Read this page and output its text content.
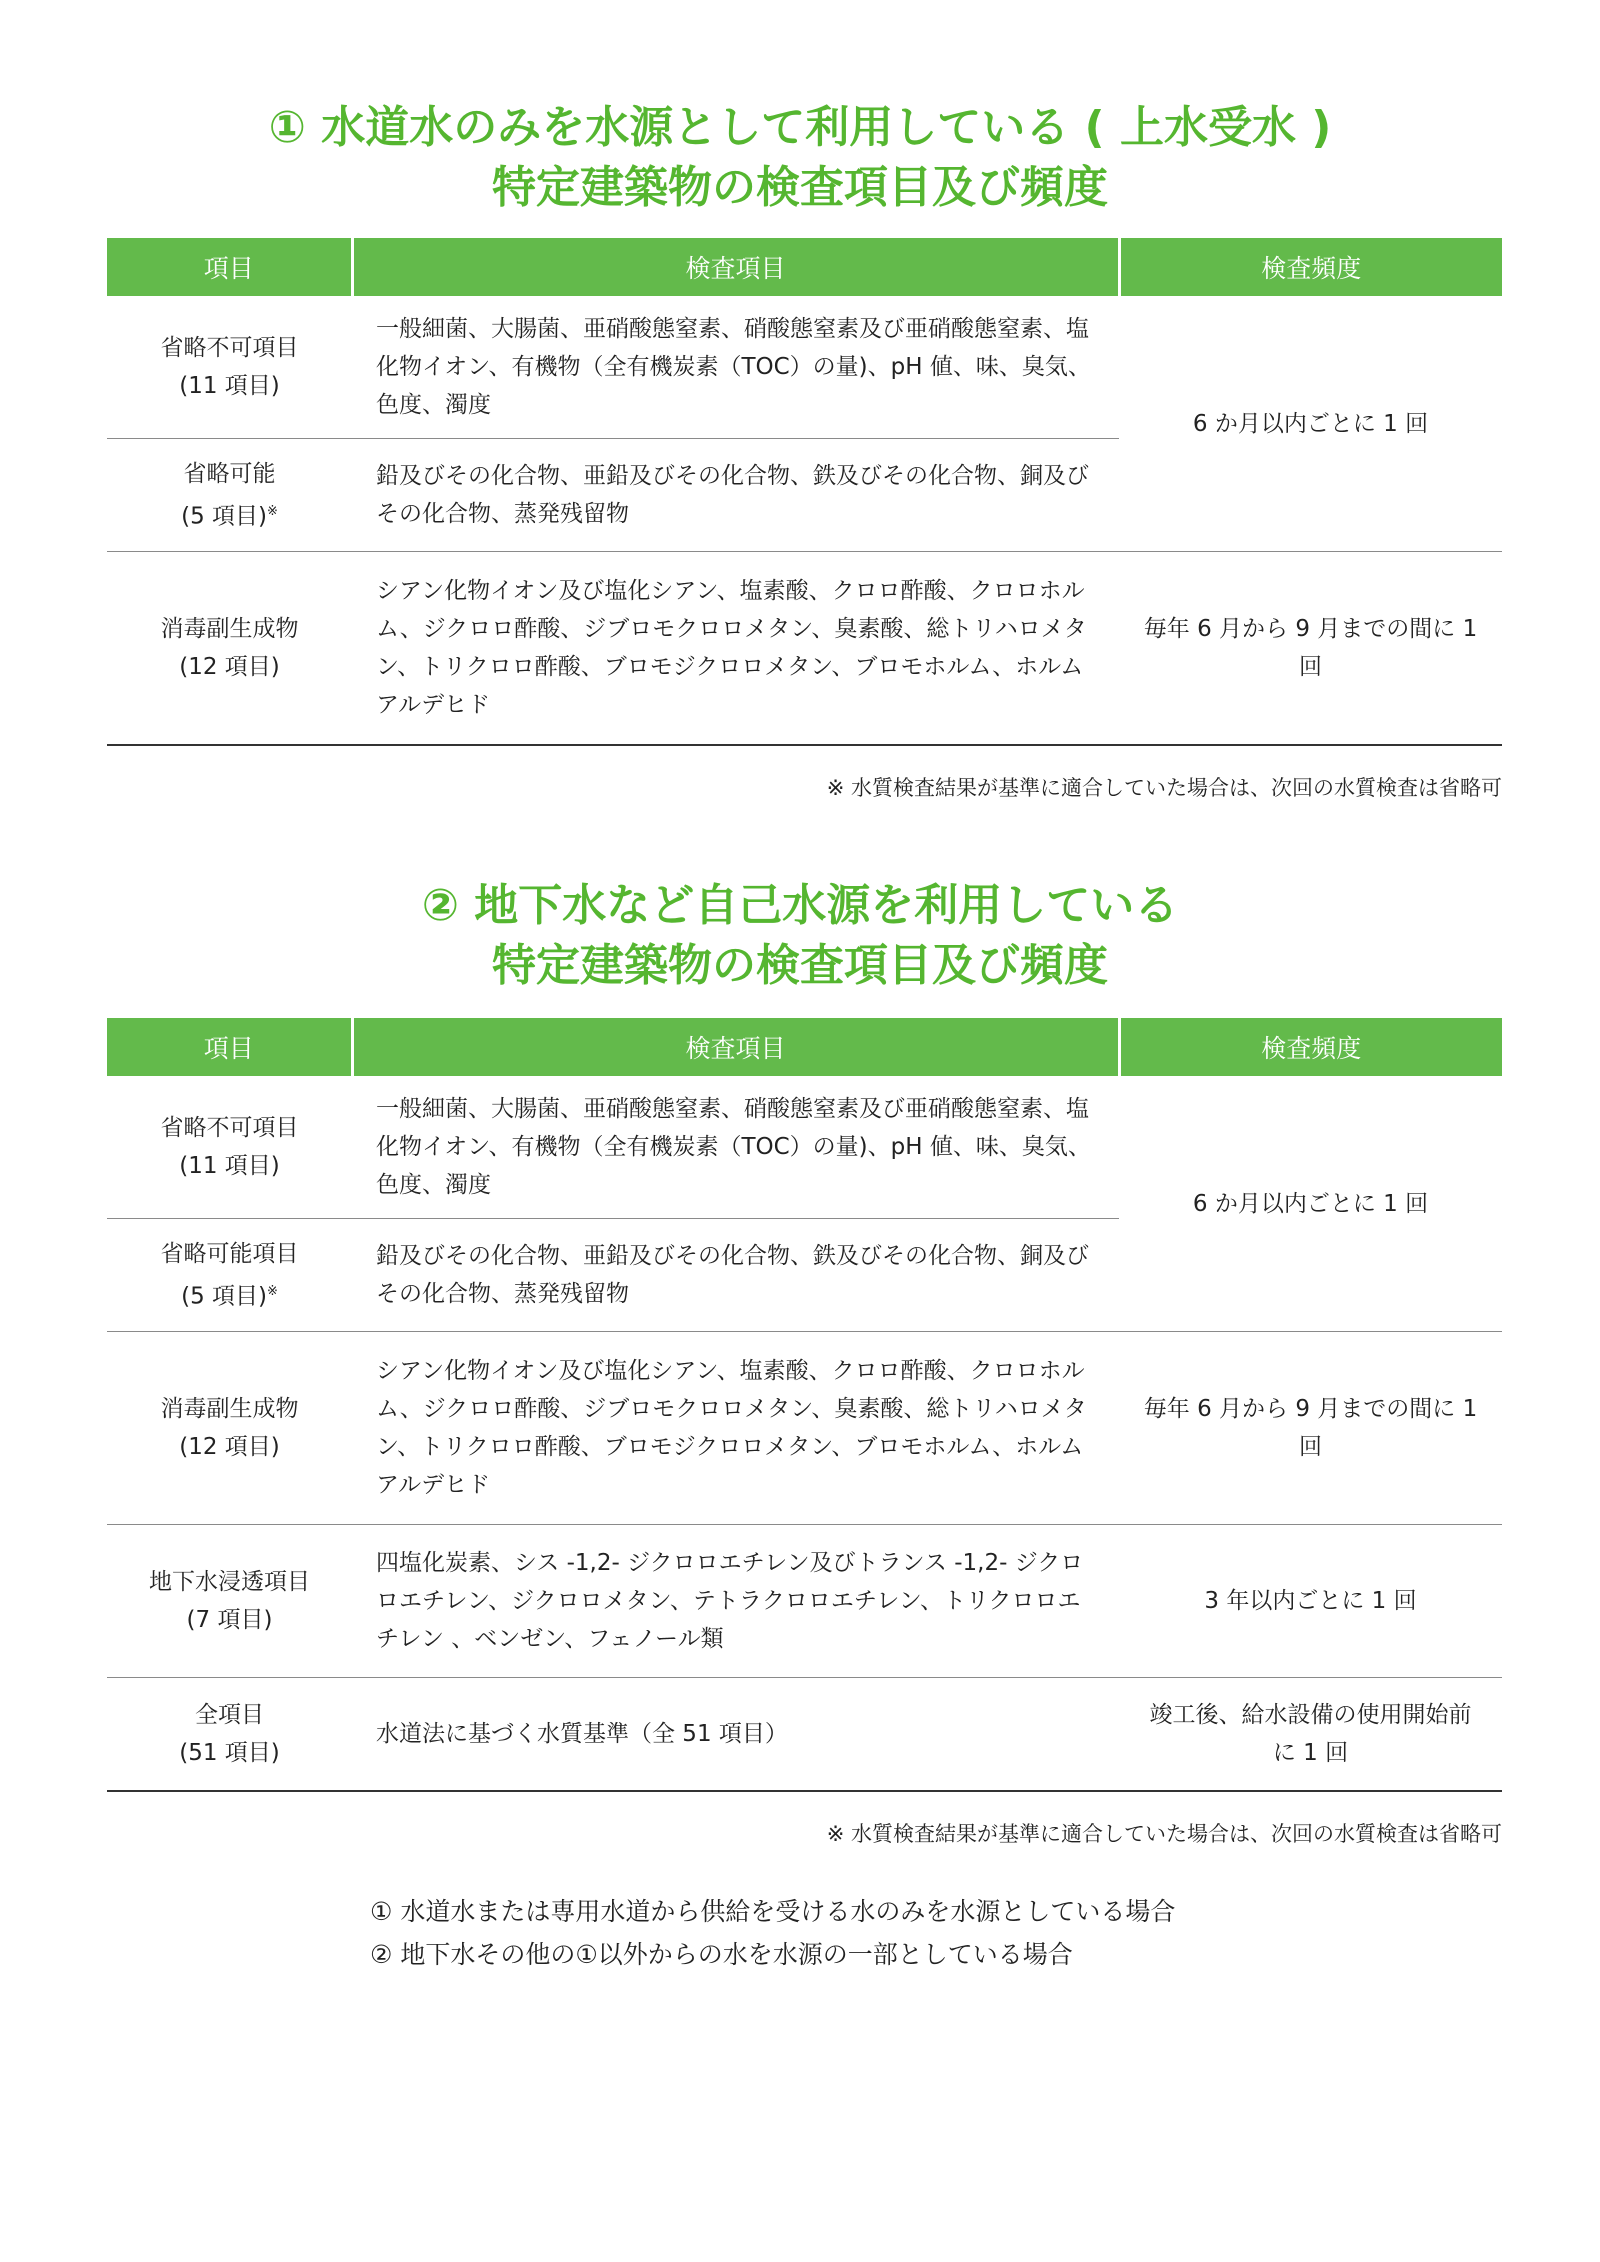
① 水道水のみを水源として利用している ( 上水受水 )
特定建築物の検査項目及び頻度
項目	検査項目	検査頻度

省略不可項目
(11 項目)	一般細菌、大腸菌、亜硝酸態窒素、硝酸態窒素及び亜硝酸態窒素、塩化物イオン、有機物（全有機炭素（TOC）の量)、pH 値、味、臭気、色度、濁度	6 か月以内ごとに 1 回

省略可能
(5 項目)※	鉛及びその化合物、亜鉛及びその化合物、鉄及びその化合物、銅及びその化合物、蒸発残留物	

消毒副生成物
(12 項目)	シアン化物イオン及び塩化シアン、塩素酸、クロロ酢酸、クロロホルム、ジクロロ酢酸、ジブロモクロロメタン、臭素酸、総トリハロメタン、トリクロロ酢酸、ブロモジクロロメタン、ブロモホルム、ホルムアルデヒド	毎年 6 月から 9 月までの間に 1 回

※ 水質検査結果が基準に適合していた場合は、次回の水質検査は省略可

② 地下水など自己水源を利用している
特定建築物の検査項目及び頻度
項目	検査項目	検査頻度

省略不可項目
(11 項目)	一般細菌、大腸菌、亜硝酸態窒素、硝酸態窒素及び亜硝酸態窒素、塩化物イオン、有機物（全有機炭素（TOC）の量)、pH 値、味、臭気、色度、濁度	6 か月以内ごとに 1 回

省略可能項目
(5 項目)※	鉛及びその化合物、亜鉛及びその化合物、鉄及びその化合物、銅及びその化合物、蒸発残留物	

消毒副生成物
(12 項目)	シアン化物イオン及び塩化シアン、塩素酸、クロロ酢酸、クロロホルム、ジクロロ酢酸、ジブロモクロロメタン、臭素酸、総トリハロメタン、トリクロロ酢酸、ブロモジクロロメタン、ブロモホルム、ホルムアルデヒド	毎年 6 月から 9 月までの間に 1 回

地下水浸透項目
(7 項目)	四塩化炭素、シス -1,2- ジクロロエチレン及びトランス -1,2- ジクロロエチレン、ジクロロメタン、テトラクロロエチレン、トリクロロエチレン 、ベンゼン、フェノール類	3 年以内ごとに 1 回

全項目
(51 項目)	水道法に基づく水質基準（全 51 項目）	竣工後、給水設備の使用開始前に 1 回

※ 水質検査結果が基準に適合していた場合は、次回の水質検査は省略可

① 水道水または専用水道から供給を受ける水のみを水源としている場合
② 地下水その他の①以外からの水を水源の一部としている場合
